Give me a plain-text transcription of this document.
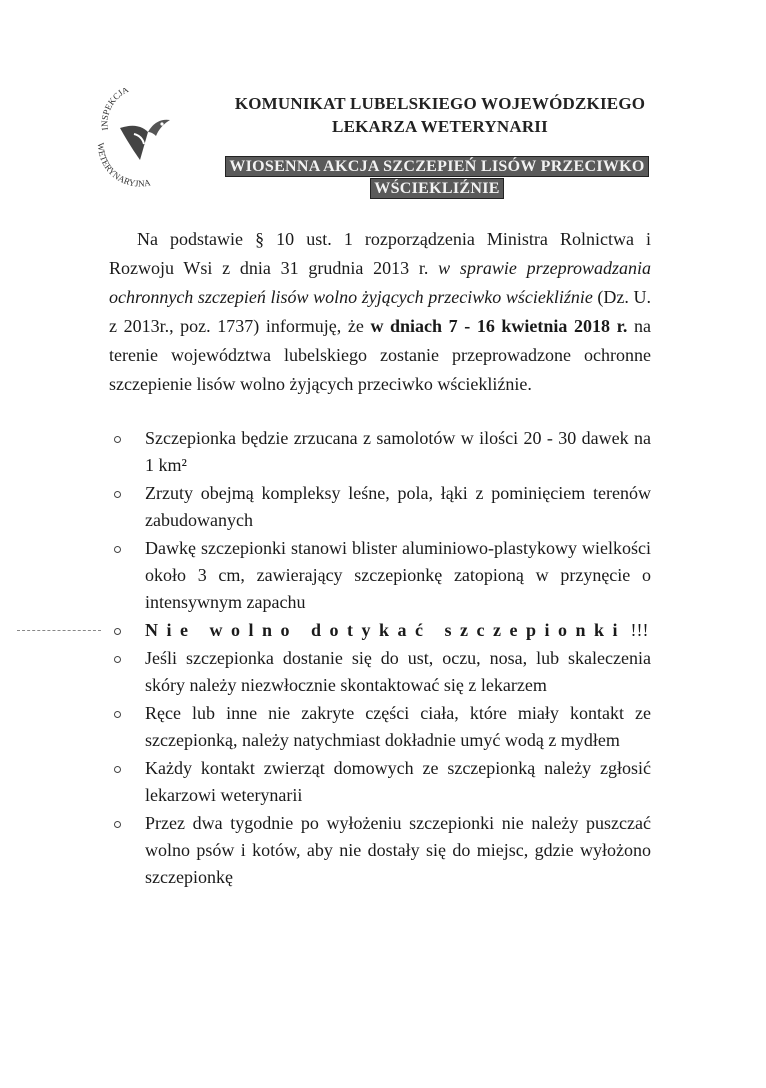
INSPEKCJA
WETERYNARYJNA
KOMUNIKAT LUBELSKIEGO WOJEWÓDZKIEGO
LEKARZA WETERYNARII
WIOSENNA AKCJA SZCZEPIEŃ LISÓW PRZECIWKO
WŚCIEKLIŹNIE
Na podstawie § 10 ust. 1 rozporządzenia Ministra Rolnictwa i Rozwoju Wsi z dnia 31 grudnia 2013 r. w sprawie przeprowadzania ochronnych szczepień lisów wolno żyjących przeciwko wściekliźnie (Dz. U. z 2013r., poz. 1737) informuję, że w dniach 7 - 16 kwietnia 2018 r. na terenie województwa lubelskiego zostanie przeprowadzone ochronne szczepienie lisów wolno żyjących przeciwko wściekliźnie.
Szczepionka będzie zrzucana z samolotów w ilości 20 - 30 dawek na 1 km²
Zrzuty obejmą kompleksy leśne, pola, łąki z pominięciem terenów zabudowanych
Dawkę szczepionki stanowi blister aluminiowo-plastykowy wielkości około 3 cm, zawierający szczepionkę zatopioną w przynęcie o intensywnym zapachu
Nie wolno dotykać szczepionki !!!
Jeśli szczepionka dostanie się do ust, oczu, nosa, lub skaleczenia skóry należy niezwłocznie skontaktować się z lekarzem
Ręce lub inne nie zakryte części ciała, które miały kontakt ze szczepionką, należy natychmiast dokładnie umyć wodą z mydłem
Każdy kontakt zwierząt domowych ze szczepionką należy zgłosić lekarzowi weterynarii
Przez dwa tygodnie po wyłożeniu szczepionki nie należy puszczać wolno psów i kotów, aby nie dostały się do miejsc, gdzie wyłożono szczepionkę
